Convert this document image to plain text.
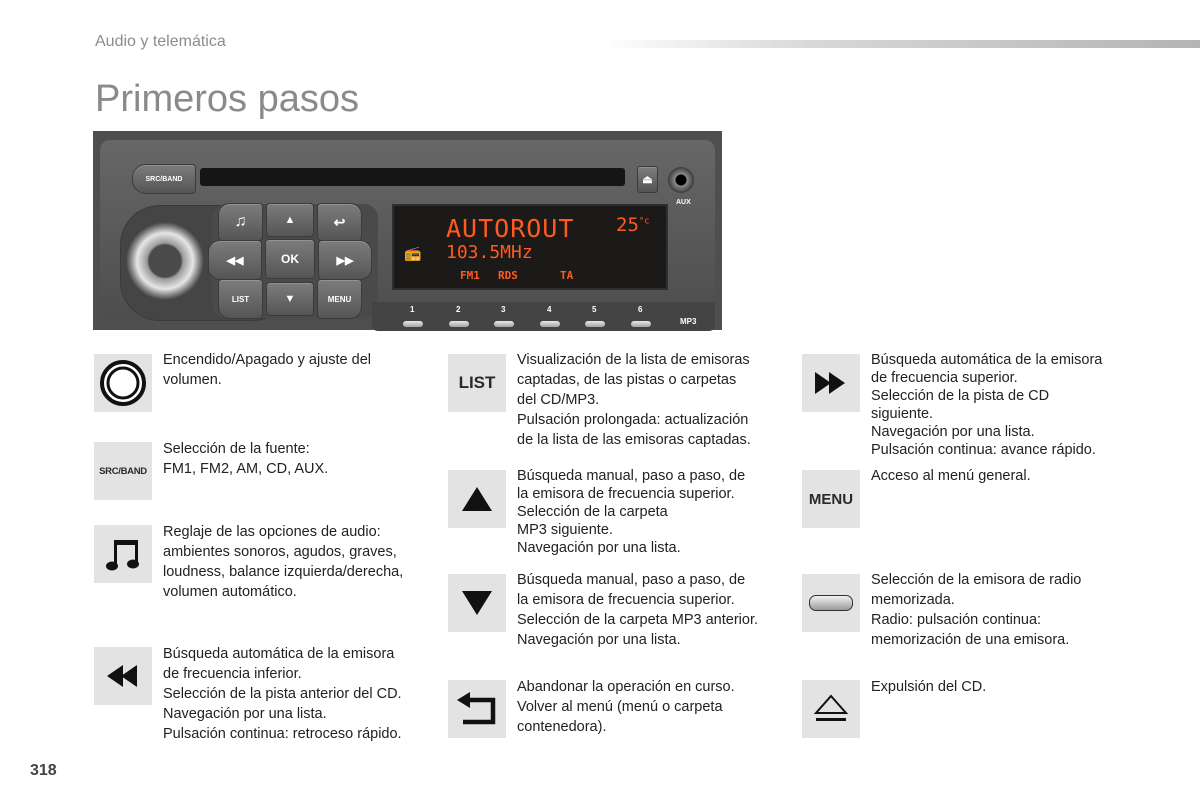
Audio y telemática
Primeros pasos
SRC/BAND	⏏
AUX
♫	▲	↩
◀◀	OK	▶▶
LIST	▼	MENU
AUTOROUT $25^{^\circ c}$
📻 103.5MHz
FM1 RDS	TA
1	2	3	4	5	6
MP3
Encendido/Apagado y ajuste del
volumen.
SRC/BAND
Selección de la fuente:
FM1, FM2, AM, CD, AUX.
Reglaje de las opciones de audio:
ambientes sonoros, agudos, graves,
loudness, balance izquierda/derecha,
volumen automático.
Búsqueda automática de la emisora
de frecuencia inferior.
Selección de la pista anterior del CD.
Navegación por una lista.
Pulsación continua: retroceso rápido.
LIST
Visualización de la lista de emisoras
captadas, de las pistas o carpetas
del CD/MP3.
Pulsación prolongada: actualización
de la lista de las emisoras captadas.
Búsqueda manual, paso a paso, de
la emisora de frecuencia superior.
Selección de la carpeta
MP3 siguiente.
Navegación por una lista.
Búsqueda manual, paso a paso, de
la emisora de frecuencia superior.
Selección de la carpeta MP3 anterior.
Navegación por una lista.
Abandonar la operación en curso.
Volver al menú (menú o carpeta
contenedora).
Búsqueda automática de la emisora
de frecuencia superior.
Selección de la pista de CD
siguiente.
Navegación por una lista.
Pulsación continua: avance rápido.
MENU
Acceso al menú general.
Selección de la emisora de radio
memorizada.
Radio: pulsación continua:
memorización de una emisora.
Expulsión del CD.
318
